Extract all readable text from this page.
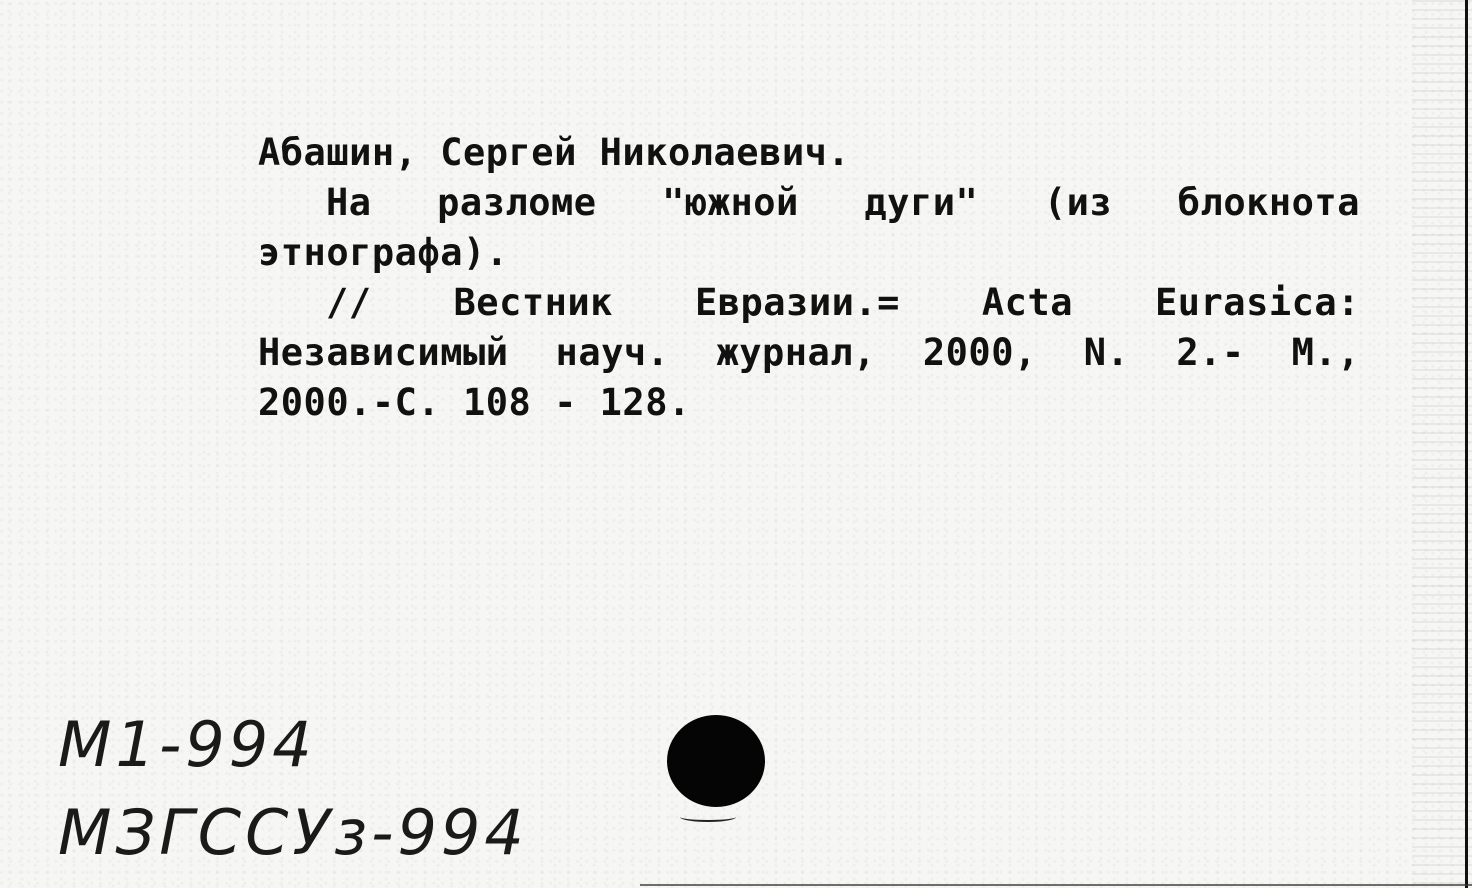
Абашин, Сергей Николаевич.
На разломе "южной дуги" (из блокнота
этнографа).
// Вестник Евразии.= Acta Eurasica:
Независимый науч. журнал, 2000, N. 2.- М.,
2000.-С. 108 - 128.
М1-994
МЗГССУз-994
